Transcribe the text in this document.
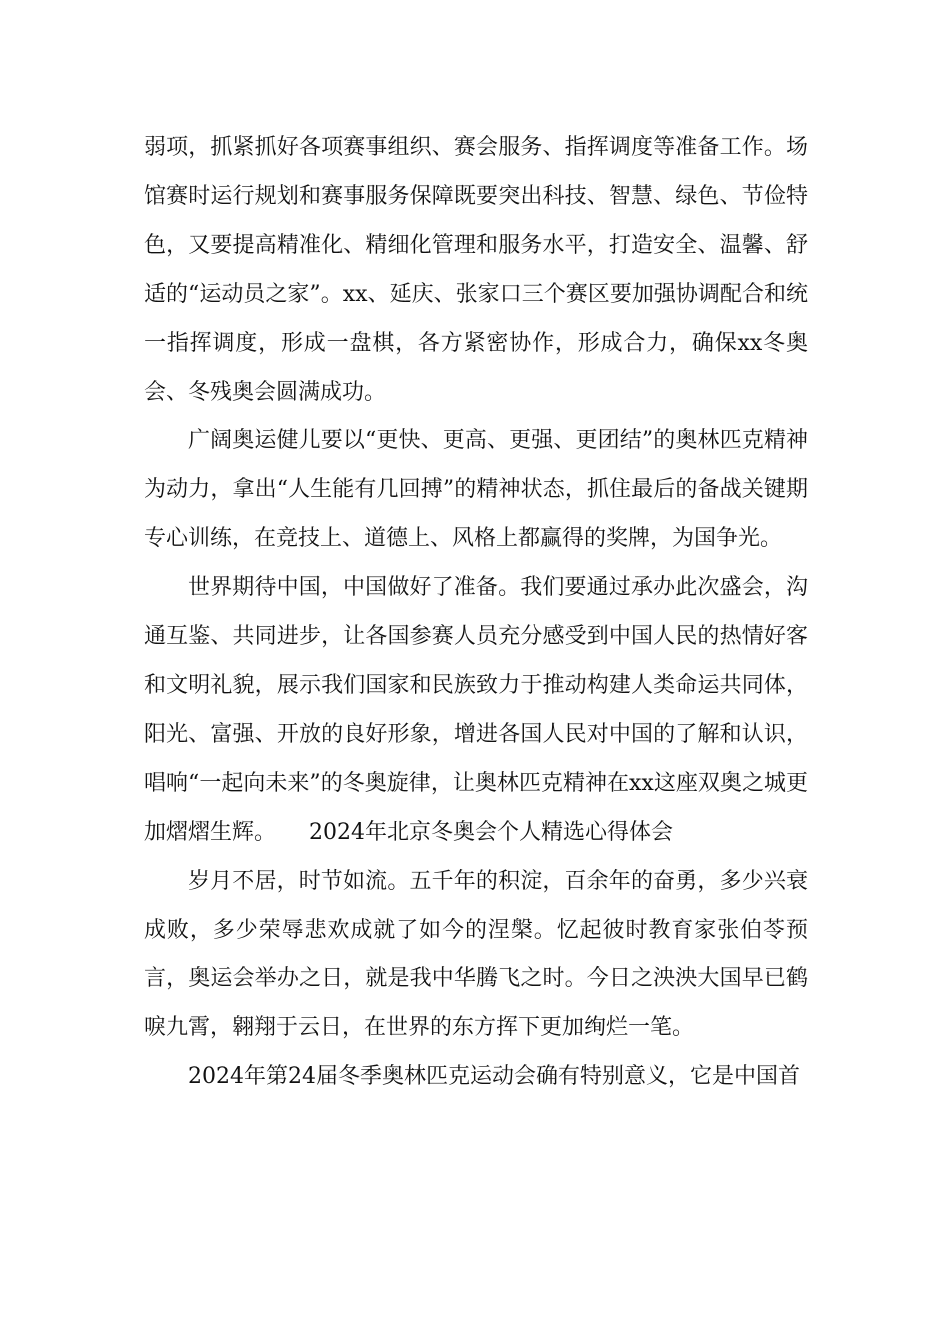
弱项，抓紧抓好各项赛事组织、赛会服务、指挥调度等准备工作。场馆赛时运行规划和赛事服务保障既要突出科技、智慧、绿色、节俭特色，又要提高精准化、精细化管理和服务水平，打造安全、温馨、舒适的“运动员之家”。xx、延庆、张家口三个赛区要加强协调配合和统一指挥调度，形成一盘棋，各方紧密协作，形成合力，确保xx冬奥会、冬残奥会圆满成功。

广阔奥运健儿要以“更快、更高、更强、更团结”的奥林匹克精神为动力，拿出“人生能有几回搏”的精神状态，抓住最后的备战关键期专心训练，在竞技上、道德上、风格上都赢得的奖牌，为国争光。

世界期待中国，中国做好了准备。我们要通过承办此次盛会，沟通互鉴、共同进步，让各国参赛人员充分感受到中国人民的热情好客和文明礼貌，展示我们国家和民族致力于推动构建人类命运共同体，阳光、富强、开放的良好形象，增进各国人民对中国的了解和认识，唱响“一起向未来”的冬奥旋律，让奥林匹克精神在xx这座双奥之城更加熠熠生辉。　　2024年北京冬奥会个人精选心得体会

岁月不居，时节如流。五千年的积淀，百余年的奋勇，多少兴衰成败，多少荣辱悲欢成就了如今的涅槃。忆起彼时教育家张伯苓预言，奥运会举办之日，就是我中华腾飞之时。今日之泱泱大国早已鹤唳九霄，翱翔于云日，在世界的东方挥下更加绚烂一笔。

2024年第24届冬季奥林匹克运动会确有特别意义，它是中国首
